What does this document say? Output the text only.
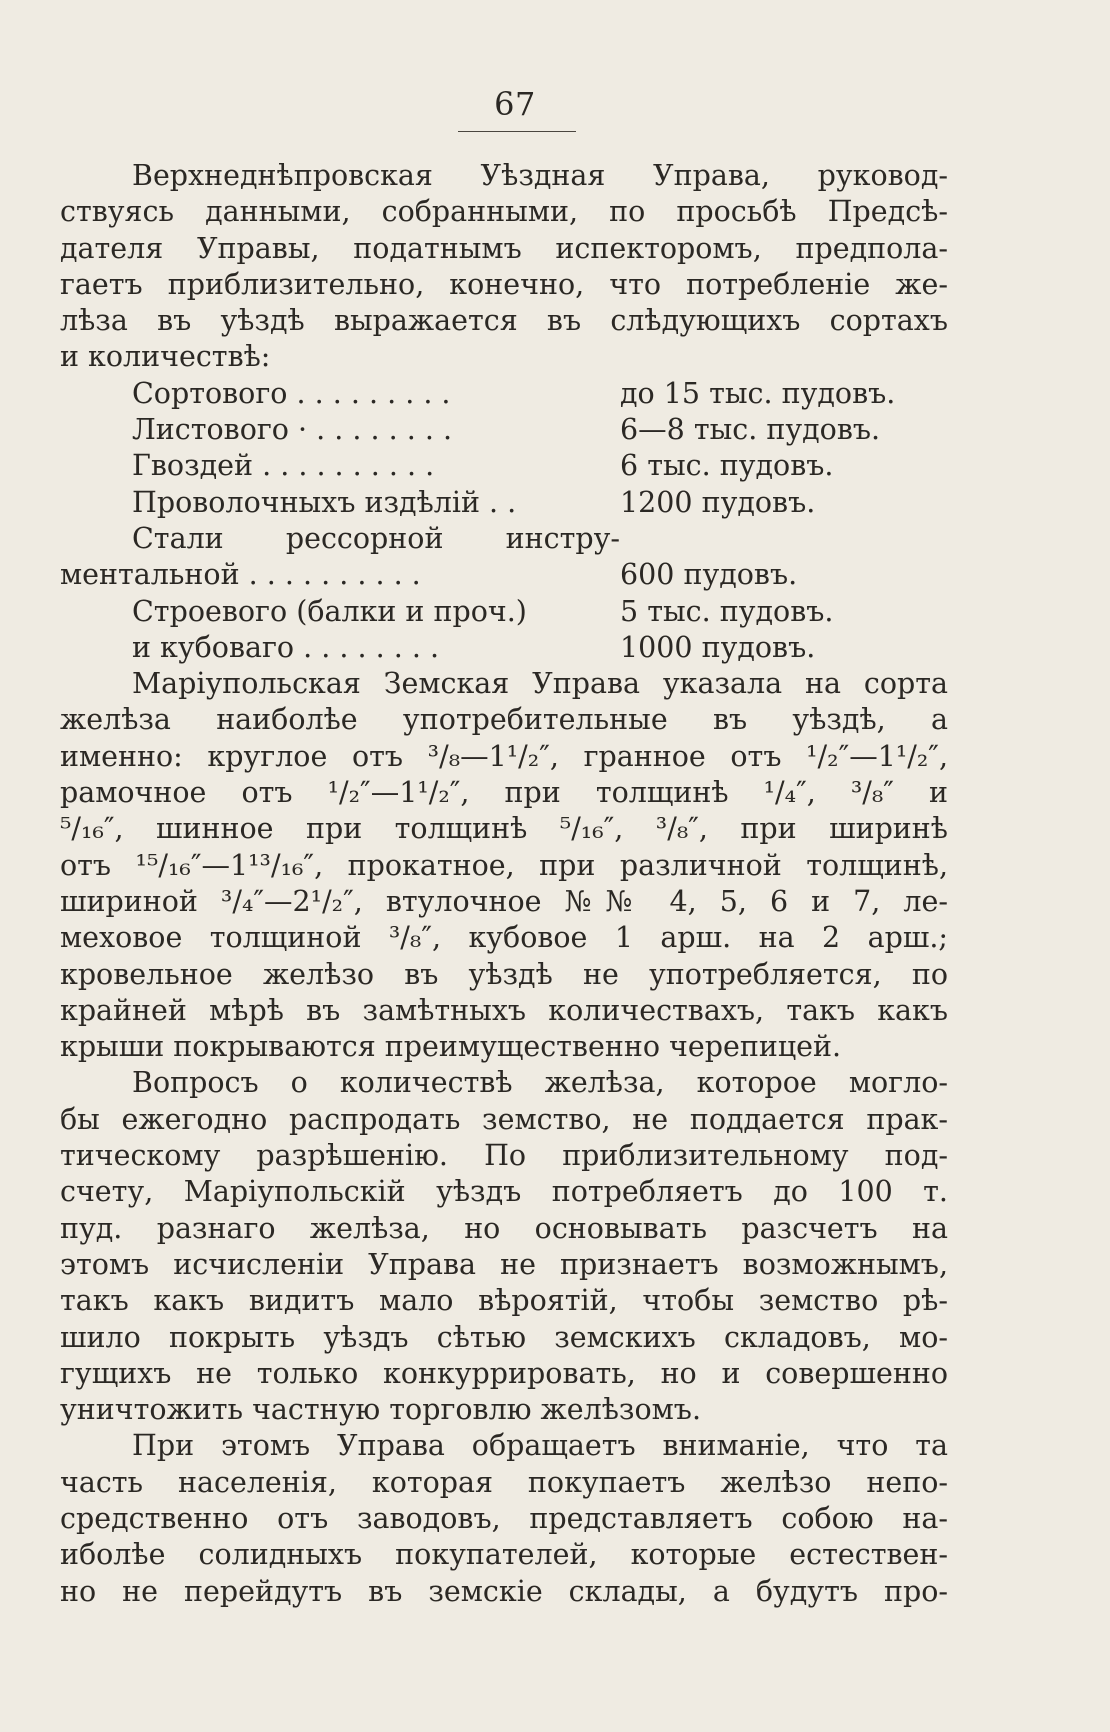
67
Верхнеднѣпровская Уѣздная Управа, руковод-
ствуясь данными, собранными, по просьбѣ Предсѣ-
дателя Управы, податнымъ испекторомъ, предпола-
гаетъ приблизительно, конечно, что потребленіе же-
лѣза въ уѣздѣ выражается въ слѣдующихъ сортахъ
и количествѣ:
Сортового . . . . . . . . .	до 15 тыс. пудовъ.
Листового · . . . . . . . .	6—8 тыс. пудовъ.
Гвоздей . . . . . . . . . .	6 тыс. пудовъ.
Проволочныхъ издѣлій . .	1200 пудовъ.
Стали рессорной инстру-
ментальной . . . . . . . . . .	600 пудовъ.
Строевого (балки и проч.)	5 тыс. пудовъ.
и кубоваго . . . . . . . .	1000 пудовъ.
Маріупольская Земская Управа указала на сорта
желѣза наиболѣе употребительные въ уѣздѣ, а
именно: круглое отъ ³/₈—1¹/₂″, гранное отъ ¹/₂″—1¹/₂″,
рамочное отъ ¹/₂″—1¹/₂″, при толщинѣ ¹/₄″, ³/₈″ и
⁵/₁₆″, шинное при толщинѣ ⁵/₁₆″, ³/₈″, при ширинѣ
отъ ¹⁵/₁₆″—1¹³/₁₆″, прокатное, при различной толщинѣ,
шириной ³/₄″—2¹/₂″, втулочное №№ 4, 5, 6 и 7, ле-
меховое толщиной ³/₈″, кубовое 1 арш. на 2 арш.;
кровельное желѣзо въ уѣздѣ не употребляется, по
крайней мѣрѣ въ замѣтныхъ количествахъ, такъ какъ
крыши покрываются преимущественно черепицей.
Вопросъ о количествѣ желѣза, которое могло-
бы ежегодно распродать земство, не поддается прак-
тическому разрѣшенію. По приблизительному под-
счету, Маріупольскій уѣздъ потребляетъ до 100 т.
пуд. разнаго желѣза, но основывать разсчетъ на
этомъ исчисленіи Управа не признаетъ возможнымъ,
такъ какъ видитъ мало вѣроятій, чтобы земство рѣ-
шило покрыть уѣздъ сѣтью земскихъ складовъ, мо-
гущихъ не только конкуррировать, но и совершенно
уничтожить частную торговлю желѣзомъ.
При этомъ Управа обращаетъ вниманіе, что та
часть населенія, которая покупаетъ желѣзо непо-
средственно отъ заводовъ, представляетъ собою на-
иболѣе солидныхъ покупателей, которые естествен-
но не перейдутъ въ земскіе склады, а будутъ про-
